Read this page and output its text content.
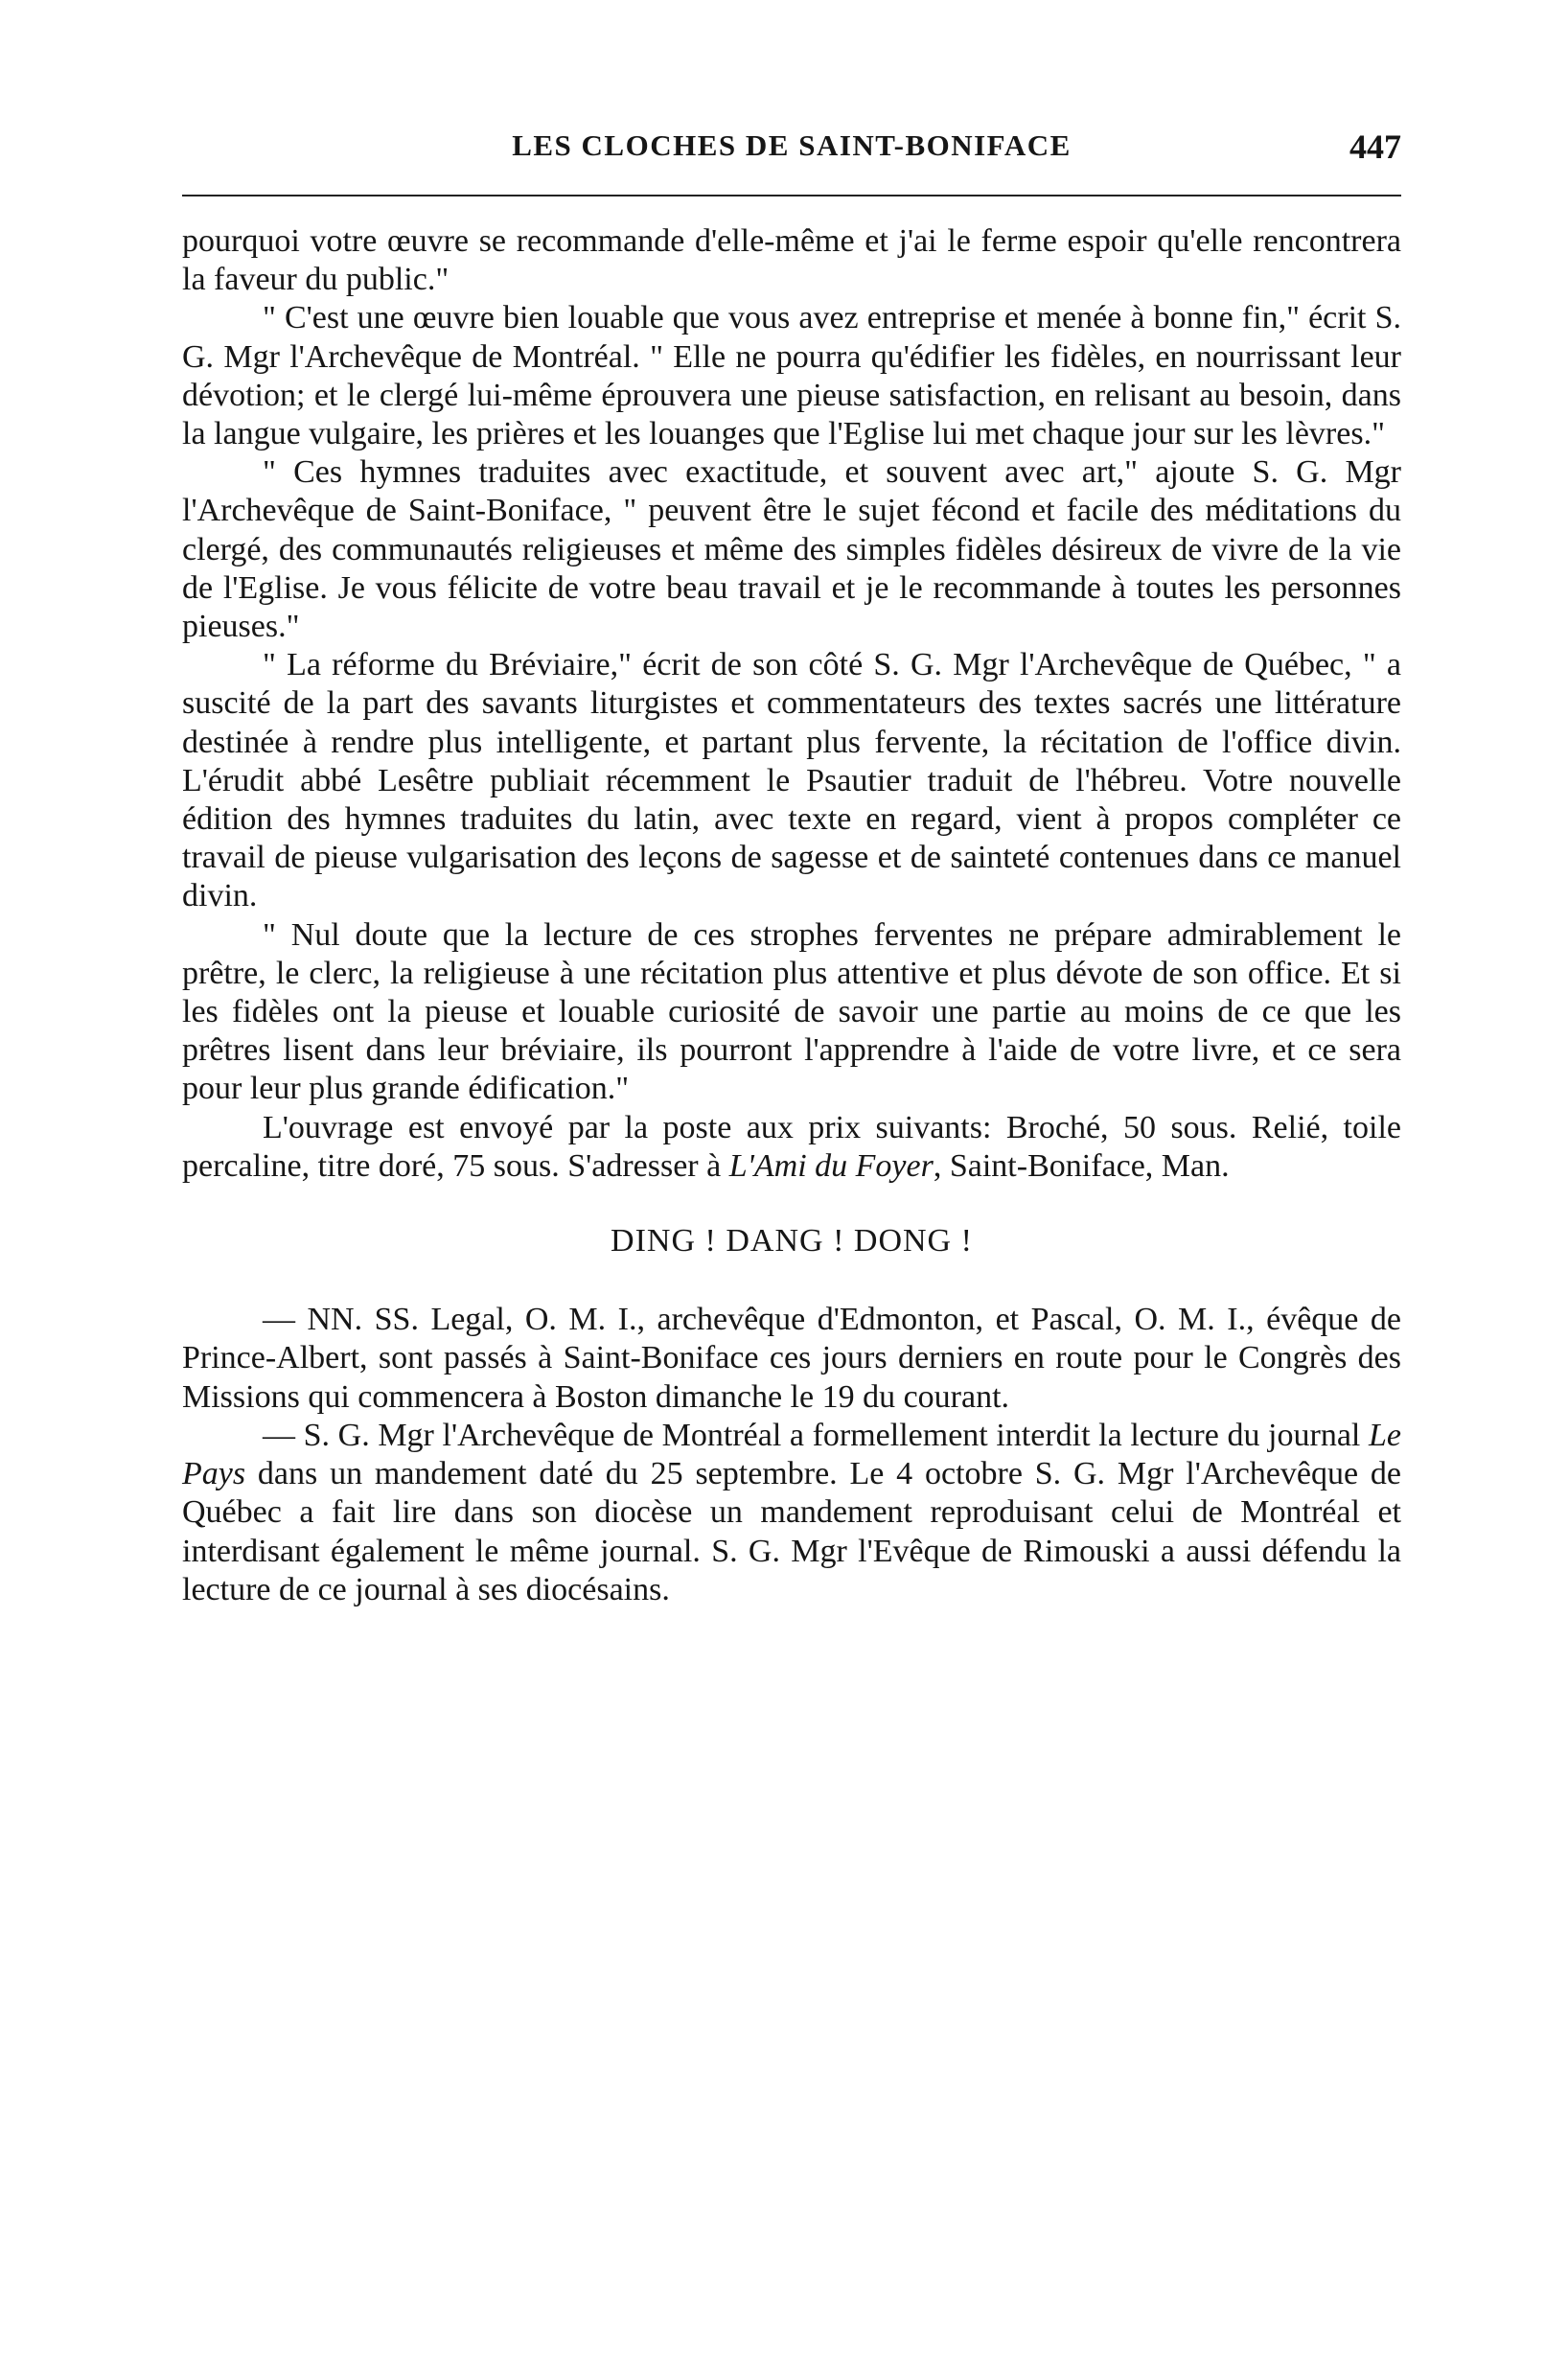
LES CLOCHES DE SAINT-BONIFACE	447

pourquoi votre œuvre se recommande d'elle-même et j'ai le ferme espoir qu'elle rencontrera la faveur du public."

" C'est une œuvre bien louable que vous avez entreprise et menée à bonne fin," écrit S. G. Mgr l'Archevêque de Montréal. " Elle ne pourra qu'édifier les fidèles, en nourrissant leur dévotion; et le clergé lui-même éprouvera une pieuse satisfaction, en relisant au besoin, dans la langue vulgaire, les prières et les louanges que l'Eglise lui met chaque jour sur les lèvres."

" Ces hymnes traduites avec exactitude, et souvent avec art," ajoute S. G. Mgr l'Archevêque de Saint-Boniface, " peuvent être le sujet fécond et facile des méditations du clergé, des communautés religieuses et même des simples fidèles désireux de vivre de la vie de l'Eglise. Je vous félicite de votre beau travail et je le recommande à toutes les personnes pieuses."

" La réforme du Bréviaire," écrit de son côté S. G. Mgr l'Archevêque de Québec, " a suscité de la part des savants liturgistes et commentateurs des textes sacrés une littérature destinée à rendre plus intelligente, et partant plus fervente, la récitation de l'office divin. L'érudit abbé Lesêtre publiait récemment le Psautier traduit de l'hébreu. Votre nouvelle édition des hymnes traduites du latin, avec texte en regard, vient à propos compléter ce travail de pieuse vulgarisation des leçons de sagesse et de sainteté contenues dans ce manuel divin.

" Nul doute que la lecture de ces strophes ferventes ne prépare admirablement le prêtre, le clerc, la religieuse à une récitation plus attentive et plus dévote de son office. Et si les fidèles ont la pieuse et louable curiosité de savoir une partie au moins de ce que les prêtres lisent dans leur bréviaire, ils pourront l'apprendre à l'aide de votre livre, et ce sera pour leur plus grande édification."

L'ouvrage est envoyé par la poste aux prix suivants: Broché, 50 sous. Relié, toile percaline, titre doré, 75 sous. S'adresser à L'Ami du Foyer, Saint-Boniface, Man.

DING ! DANG ! DONG !

— NN. SS. Legal, O. M. I., archevêque d'Edmonton, et Pascal, O. M. I., évêque de Prince-Albert, sont passés à Saint-Boniface ces jours derniers en route pour le Congrès des Missions qui commencera à Boston dimanche le 19 du courant.

— S. G. Mgr l'Archevêque de Montréal a formellement interdit la lecture du journal Le Pays dans un mandement daté du 25 septembre. Le 4 octobre S. G. Mgr l'Archevêque de Québec a fait lire dans son diocèse un mandement reproduisant celui de Montréal et interdisant également le même journal. S. G. Mgr l'Evêque de Rimouski a aussi défendu la lecture de ce journal à ses diocésains.
